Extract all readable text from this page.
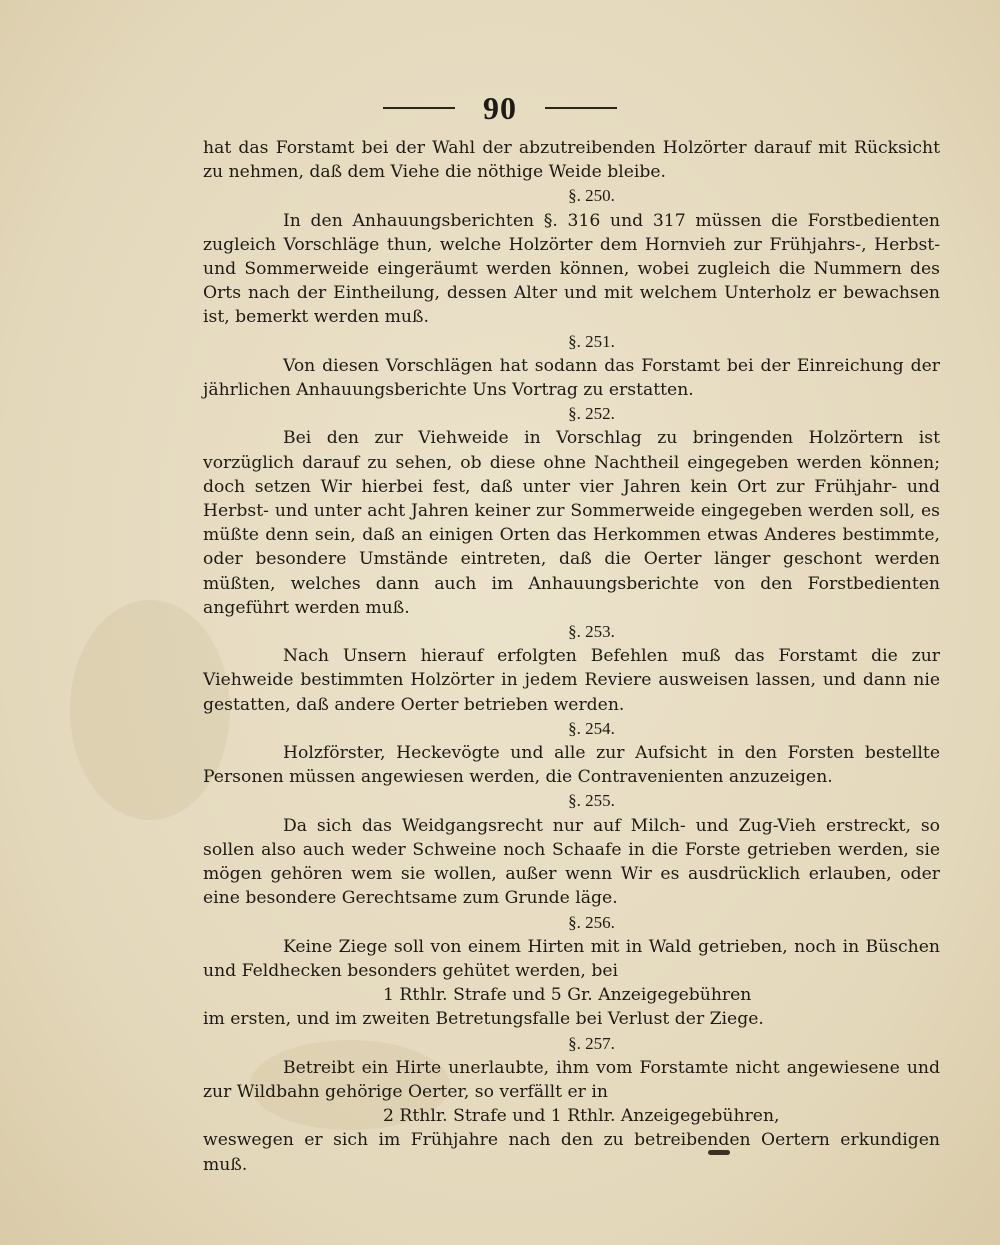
90

hat das Forstamt bei der Wahl der abzutreibenden Holzörter darauf mit Rücksicht zu nehmen, daß dem Viehe die nöthige Weide bleibe.

§. 250.

In den Anhauungsberichten §. 316 und 317 müssen die Forstbedienten zugleich Vorschläge thun, welche Holzörter dem Hornvieh zur Frühjahrs-, Herbst- und Sommerweide eingeräumt werden können, wobei zugleich die Nummern des Orts nach der Eintheilung, dessen Alter und mit welchem Unterholz er bewachsen ist, bemerkt werden muß.

§. 251.

Von diesen Vorschlägen hat sodann das Forstamt bei der Einreichung der jährlichen Anhauungsberichte Uns Vortrag zu erstatten.

§. 252.

Bei den zur Viehweide in Vorschlag zu bringenden Holzörtern ist vorzüglich darauf zu sehen, ob diese ohne Nachtheil eingegeben werden können; doch setzen Wir hierbei fest, daß unter vier Jahren kein Ort zur Frühjahr- und Herbst- und unter acht Jahren keiner zur Sommerweide eingegeben werden soll, es müßte denn sein, daß an einigen Orten das Herkommen etwas Anderes bestimmte, oder besondere Umstände eintreten, daß die Oerter länger geschont werden müßten, welches dann auch im Anhauungsberichte von den Forstbedienten angeführt werden muß.

§. 253.

Nach Unsern hierauf erfolgten Befehlen muß das Forstamt die zur Viehweide bestimmten Holzörter in jedem Reviere ausweisen lassen, und dann nie gestatten, daß andere Oerter betrieben werden.

§. 254.

Holzförster, Heckevögte und alle zur Aufsicht in den Forsten bestellte Personen müssen angewiesen werden, die Contravenienten anzuzeigen.

§. 255.

Da sich das Weidgangsrecht nur auf Milch- und Zug-Vieh erstreckt, so sollen also auch weder Schweine noch Schaafe in die Forste getrieben werden, sie mögen gehören wem sie wollen, außer wenn Wir es ausdrücklich erlauben, oder eine besondere Gerechtsame zum Grunde läge.

§. 256.

Keine Ziege soll von einem Hirten mit in Wald getrieben, noch in Büschen und Feldhecken besonders gehütet werden, bei

1 Rthlr. Strafe und 5 Gr. Anzeigegebühren

im ersten, und im zweiten Betretungsfalle bei Verlust der Ziege.

§. 257.

Betreibt ein Hirte unerlaubte, ihm vom Forstamte nicht angewiesene und zur Wildbahn gehörige Oerter, so verfällt er in

2 Rthlr. Strafe und 1 Rthlr. Anzeigegebühren,

weswegen er sich im Frühjahre nach den zu betreibenden Oertern erkundigen muß.
